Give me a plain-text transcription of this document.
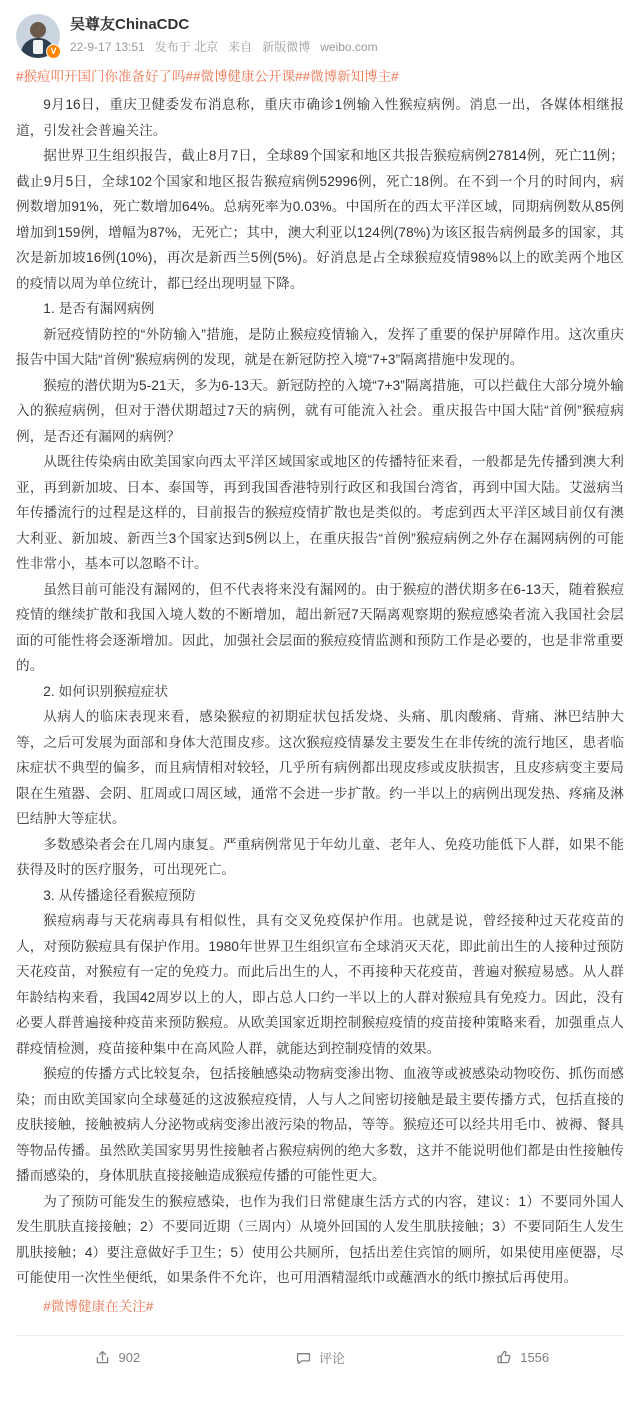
V
吴尊友ChinaCDC
22-9-17 13:51 发布于 北京 来自 新版微博 weibo.com
#猴痘叩开国门你准备好了吗##微博健康公开课##微博新知博主#

9月16日，重庆卫健委发布消息称，重庆市确诊1例输入性猴痘病例。消息一出，各媒体相继报道，引发社会普遍关注。

据世界卫生组织报告，截止8月7日，全球89个国家和地区共报告猴痘病例27814例，死亡11例；截止9月5日，全球102个国家和地区报告猴痘病例52996例，死亡18例。在不到一个月的时间内，病例数增加91%，死亡数增加64%。总病死率为0.03%。中国所在的西太平洋区域，同期病例数从85例增加到159例，增幅为87%，无死亡；其中，澳大利亚以124例(78%)为该区报告病例最多的国家，其次是新加坡16例(10%)，再次是新西兰5例(5%)。好消息是占全球猴痘疫情98%以上的欧美两个地区的疫情以周为单位统计，都已经出现明显下降。

1. 是否有漏网病例

新冠疫情防控的“外防输入”措施，是防止猴痘疫情输入，发挥了重要的保护屏障作用。这次重庆报告中国大陆“首例”猴痘病例的发现，就是在新冠防控入境“7+3”隔离措施中发现的。

猴痘的潜伏期为5-21天，多为6-13天。新冠防控的入境“7+3”隔离措施，可以拦截住大部分境外输入的猴痘病例，但对于潜伏期超过7天的病例，就有可能流入社会。重庆报告中国大陆“首例”猴痘病例，是否还有漏网的病例？

从既往传染病由欧美国家向西太平洋区域国家或地区的传播特征来看，一般都是先传播到澳大利亚，再到新加坡、日本、泰国等，再到我国香港特别行政区和我国台湾省，再到中国大陆。艾滋病当年传播流行的过程是这样的，目前报告的猴痘疫情扩散也是类似的。考虑到西太平洋区域目前仅有澳大利亚、新加坡、新西兰3个国家达到5例以上，在重庆报告“首例”猴痘病例之外存在漏网病例的可能性非常小，基本可以忽略不计。

虽然目前可能没有漏网的，但不代表将来没有漏网的。由于猴痘的潜伏期多在6-13天，随着猴痘疫情的继续扩散和我国入境人数的不断增加，超出新冠7天隔离观察期的猴痘感染者流入我国社会层面的可能性将会逐渐增加。因此，加强社会层面的猴痘疫情监测和预防工作是必要的，也是非常重要的。

2. 如何识别猴痘症状

从病人的临床表现来看，感染猴痘的初期症状包括发烧、头痛、肌肉酸痛、背痛、淋巴结肿大等，之后可发展为面部和身体大范围皮疹。这次猴痘疫情暴发主要发生在非传统的流行地区，患者临床症状不典型的偏多，而且病情相对较轻，几乎所有病例都出现皮疹或皮肤损害，且皮疹病变主要局限在生殖器、会阴、肛周或口周区域，通常不会进一步扩散。约一半以上的病例出现发热、疼痛及淋巴结肿大等症状。

多数感染者会在几周内康复。严重病例常见于年幼儿童、老年人、免疫功能低下人群，如果不能获得及时的医疗服务，可出现死亡。

3. 从传播途径看猴痘预防

猴痘病毒与天花病毒具有相似性，具有交叉免疫保护作用。也就是说，曾经接种过天花疫苗的人，对预防猴痘具有保护作用。1980年世界卫生组织宣布全球消灭天花，即此前出生的人接种过预防天花疫苗，对猴痘有一定的免疫力。而此后出生的人，不再接种天花疫苗，普遍对猴痘易感。从人群年龄结构来看，我国42周岁以上的人，即占总人口约一半以上的人群对猴痘具有免疫力。因此，没有必要人群普遍接种疫苗来预防猴痘。从欧美国家近期控制猴痘疫情的疫苗接种策略来看，加强重点人群疫情检测，疫苗接种集中在高风险人群，就能达到控制疫情的效果。

猴痘的传播方式比较复杂，包括接触感染动物病变渗出物、血液等或被感染动物咬伤、抓伤而感染；而由欧美国家向全球蔓延的这波猴痘疫情，人与人之间密切接触是最主要传播方式，包括直接的皮肤接触，接触被病人分泌物或病变渗出液污染的物品，等等。猴痘还可以经共用毛巾、被褥、餐具等物品传播。虽然欧美国家男男性接触者占猴痘病例的绝大多数，这并不能说明他们都是由性接触传播而感染的，身体肌肤直接接触造成猴痘传播的可能性更大。

为了预防可能发生的猴痘感染，也作为我们日常健康生活方式的内容，建议：1）不要同外国人发生肌肤直接接触；2）不要同近期（三周内）从境外回国的人发生肌肤接触；3）不要同陌生人发生肌肤接触；4）要注意做好手卫生；5）使用公共厕所，包括出差住宾馆的厕所，如果使用座便器，尽可能使用一次性坐便纸，如果条件不允许，也可用酒精湿纸巾或蘸酒水的纸巾擦拭后再使用。

#微博健康在关注#
902	评论	1556
